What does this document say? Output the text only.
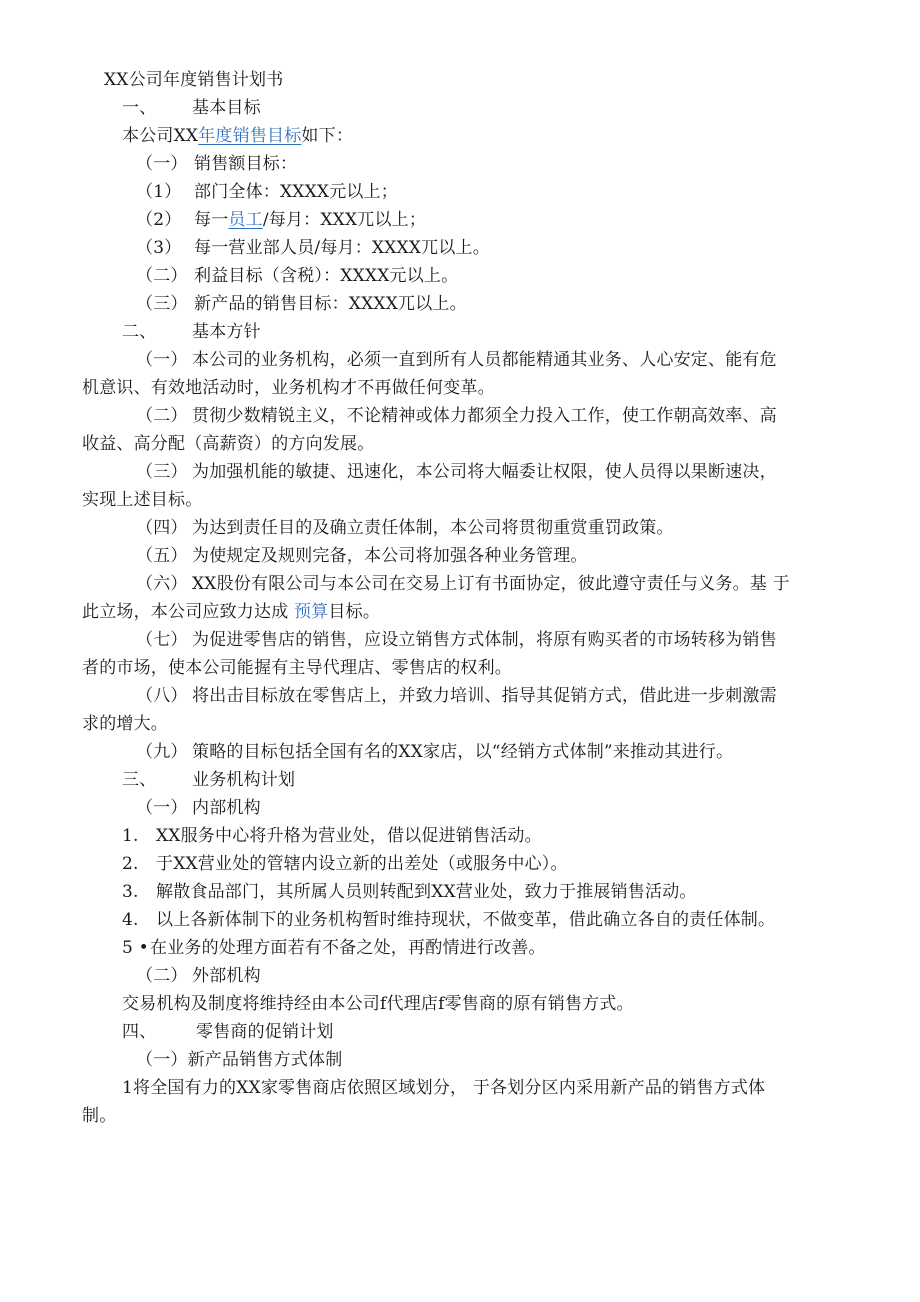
XX公司年度销售计划书
一、 基本目标
本公司XX年度销售目标如下：
（一） 销售额目标：
（1） 部门全体：XXXX元以上；
（2） 每一员工/每月：XXX兀以上；
（3） 每一营业部人员/每月：XXXX兀以上。
（二） 利益目标（含税）：XXXX元以上。
（三） 新产品的销售目标：XXXX兀以上。
二、 基本方针
（一） 本公司的业务机构，必须一直到所有人员都能精通其业务、人心安定、能有危
机意识、有效地活动时，业务机构才不再做任何变革。
（二） 贯彻少数精锐主义，不论精神或体力都须全力投入工作，使工作朝高效率、高
收益、高分配（高薪资）的方向发展。
（三） 为加强机能的敏捷、迅速化，本公司将大幅委让权限，使人员得以果断速决，
实现上述目标。
（四） 为达到责任目的及确立责任体制，本公司将贯彻重赏重罚政策。
（五） 为使规定及规则完备，本公司将加强各种业务管理。
（六） XX股份有限公司与本公司在交易上订有书面协定，彼此遵守责任与义务。基 于
此立场，本公司应致力达成 预算目标。
（七） 为促进零售店的销售，应设立销售方式体制，将原有购买者的市场转移为销售
者的市场，使本公司能握有主导代理店、零售店的权利。
（八） 将出击目标放在零售店上，并致力培训、指导其促销方式，借此进一步刺激需
求的增大。
（九） 策略的目标包括全国有名的XX家店，以“经销方式体制”来推动其进行。
三、 业务机构计划
（一） 内部机构
1. XX服务中心将升格为营业处，借以促进销售活动。
2. 于XX营业处的管辖内设立新的出差处（或服务中心）。
3. 解散食品部门，其所属人员则转配到XX营业处，致力于推展销售活动。
4. 以上各新体制下的业务机构暂时维持现状，不做变革，借此确立各自的责任体制。
5 •在业务的处理方面若有不备之处，再酌情进行改善。
（二） 外部机构
交易机构及制度将维持经由本公司f代理店f零售商的原有销售方式。
四、 零售商的促销计划
（一）新产品销售方式体制
1将全国有力的XX家零售商店依照区域划分， 于各划分区内采用新产品的销售方式体
制。
